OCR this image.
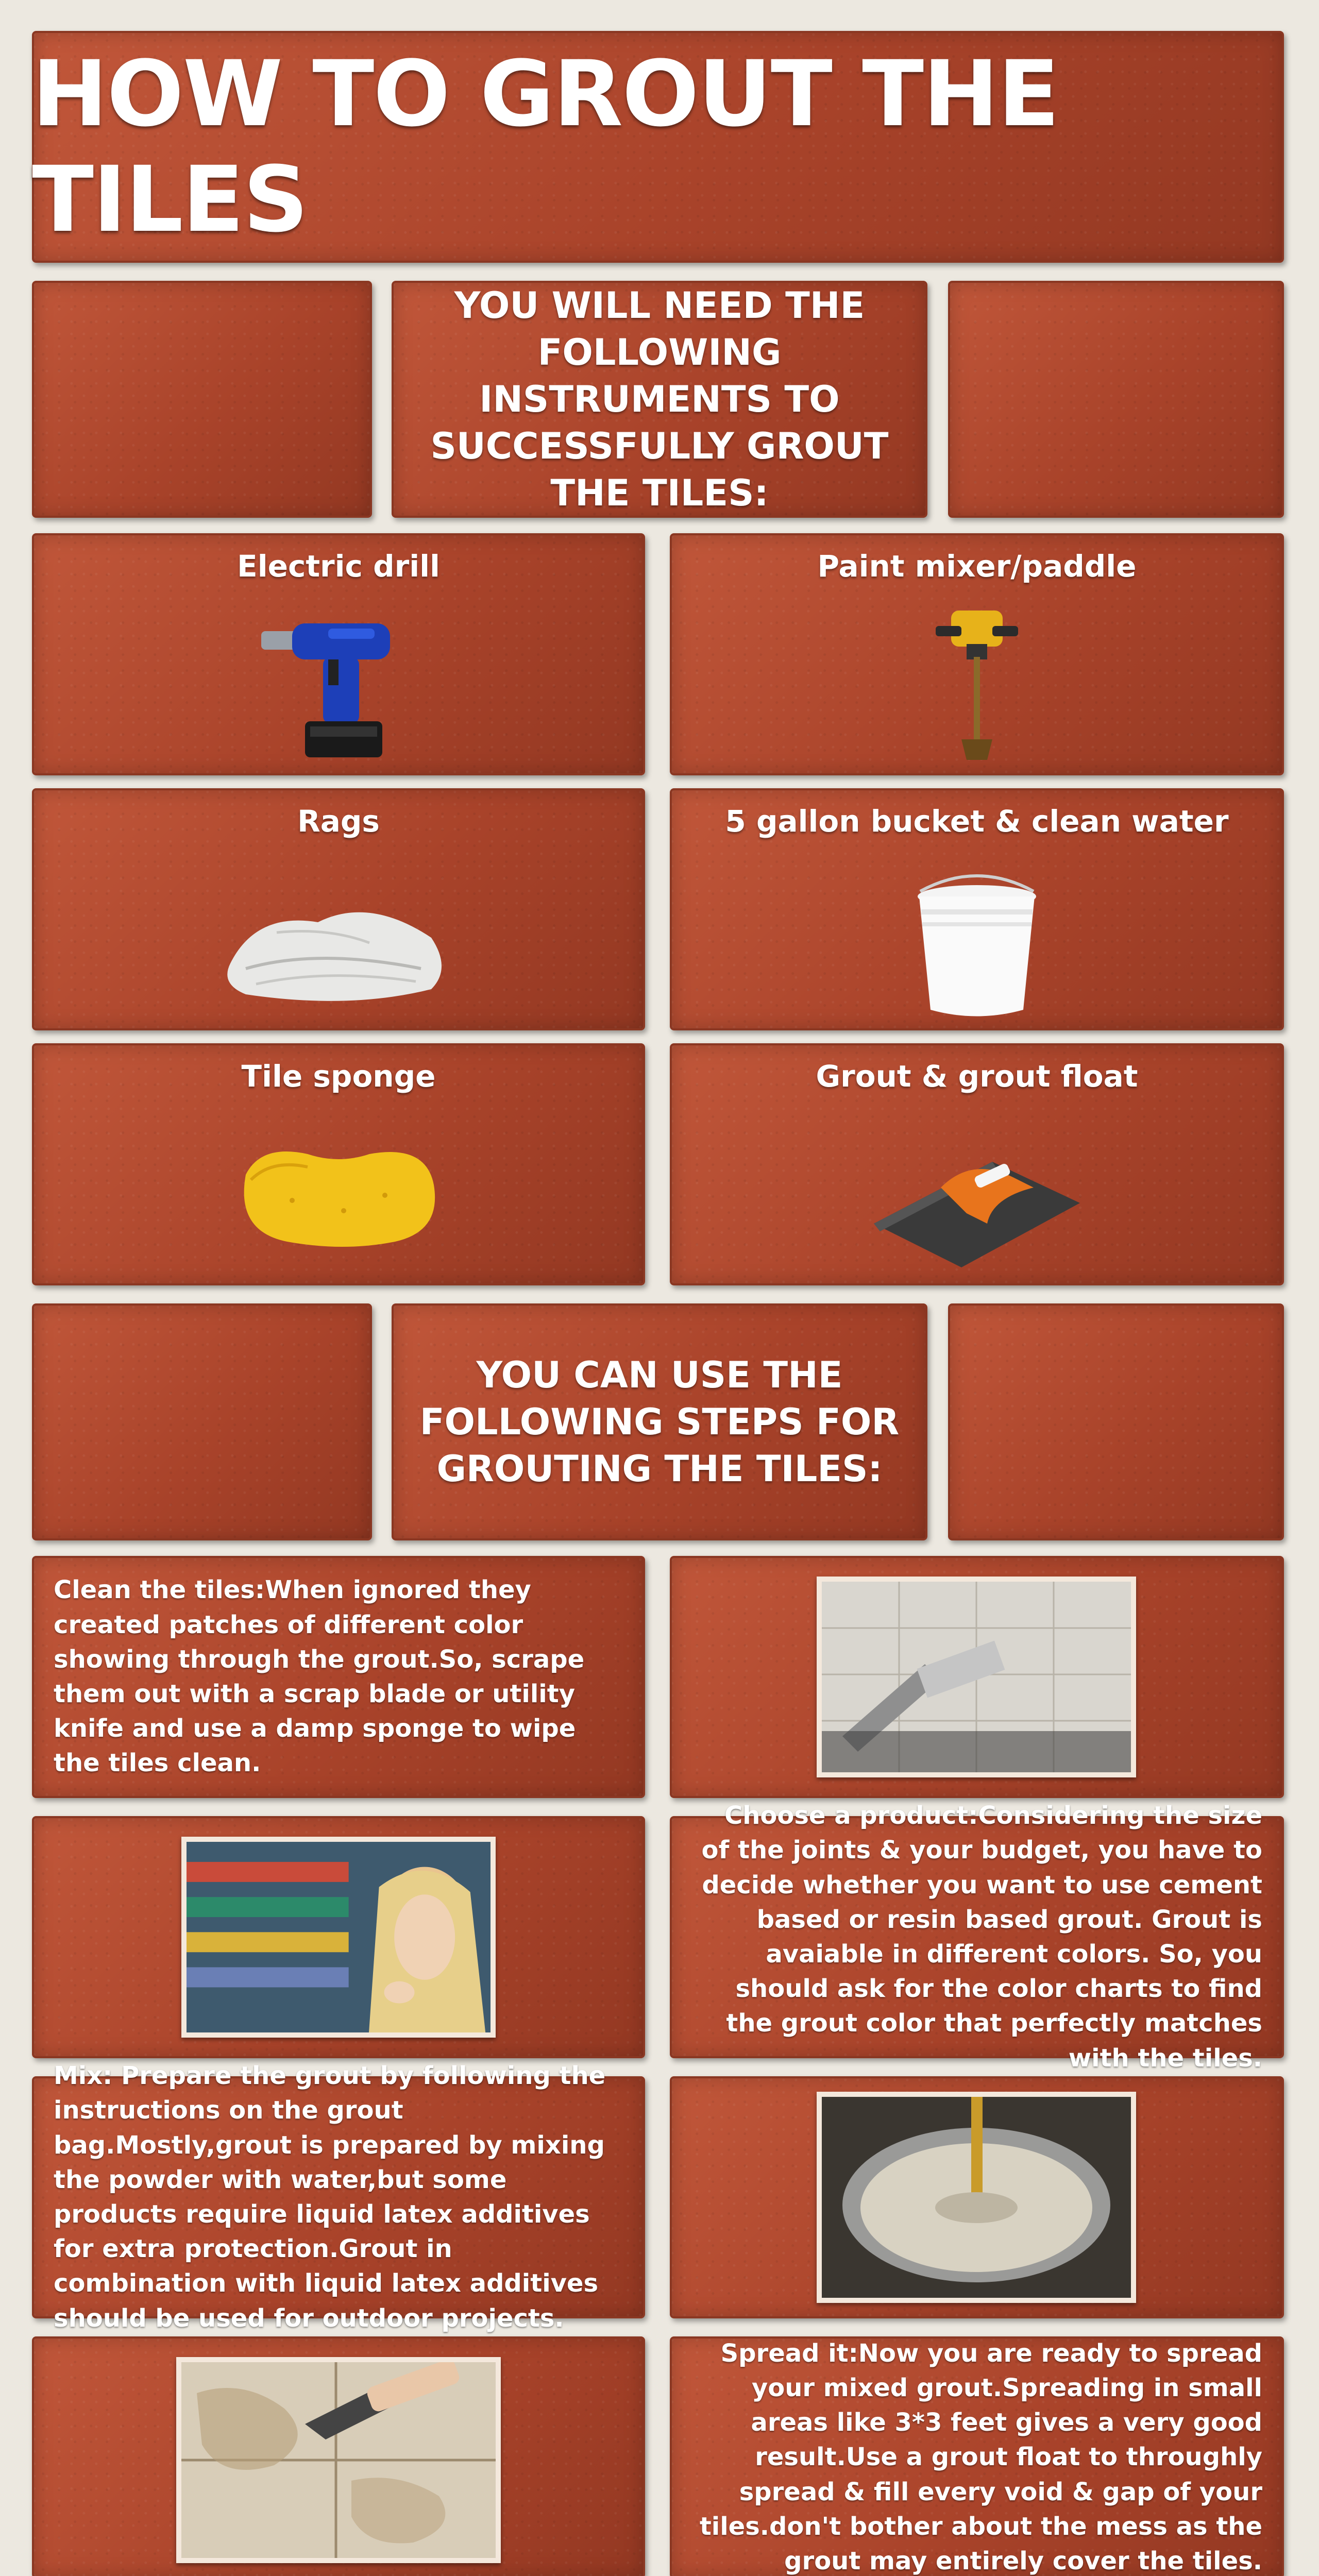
HOW TO GROUT THE TILES
YOU WILL NEED THE FOLLOWING INSTRUMENTS TO SUCCESSFULLY GROUT THE TILES:
Electric drill	Paint mixer/paddle
Rags	5 gallon bucket & clean water
Tile sponge	Grout & grout float
YOU CAN USE THE FOLLOWING STEPS FOR GROUTING THE TILES:
Clean the tiles:When ignored they created patches of different color showing through the grout.So, scrape them out with a scrap blade or utility knife and use a damp sponge to wipe the tiles clean.
Choose a product:Considering the size of the joints & your budget, you have to decide whether you want to use cement based or resin based grout. Grout is avaiable in different colors. So, you should ask for the color charts to find the grout color that perfectly matches with the tiles.
Mix: Prepare the grout by following the instructions on the grout bag.Mostly,grout is prepared by mixing the powder with water,but some products require liquid latex additives for extra protection.Grout in combination with liquid latex additives should be used for outdoor projects.
Spread it:Now you are ready to spread your mixed grout.Spreading in small areas like 3*3 feet gives a very good result.Use a grout float to throughly spread & fill every void & gap of your tiles.don't bother about the mess as the grout may entirely cover the tiles.
